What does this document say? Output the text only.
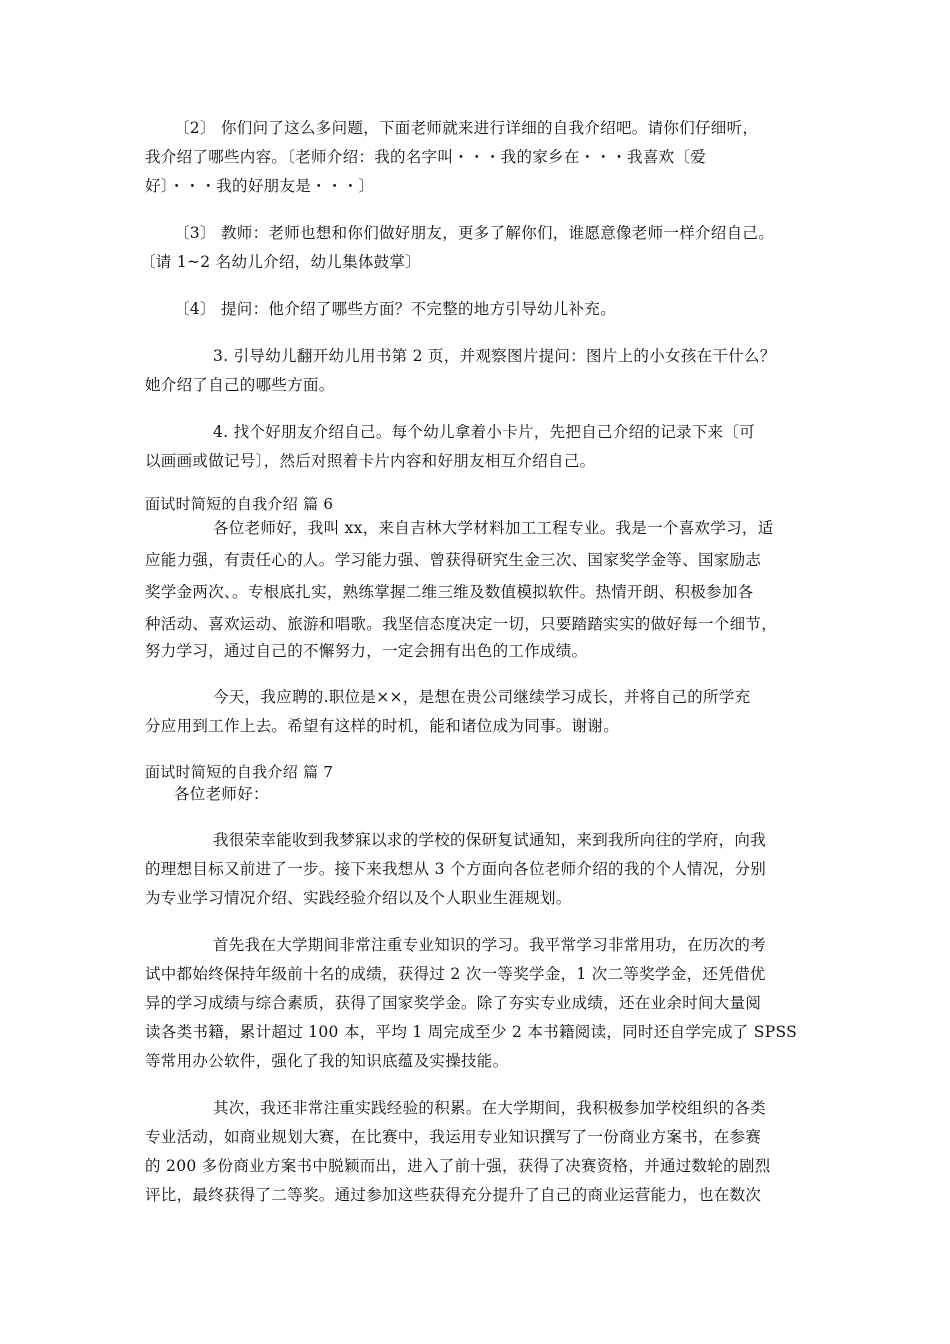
〔2〕 你们问了这么多问题，下面老师就来进行详细的自我介绍吧。请你们仔细听，
我介绍了哪些内容。〔老师介绍：我的名字叫・・・我的家乡在・・・我喜欢〔爱
好〕・・・我的好朋友是・・・〕
〔3〕 教师：老师也想和你们做好朋友，更多了解你们，谁愿意像老师一样介绍自己。
〔请 1~2 名幼儿介绍，幼儿集体鼓掌〕
〔4〕 提问：他介绍了哪些方面？不完整的地方引导幼儿补充。
3. 引导幼儿翻开幼儿用书第 2 页，并观察图片提问：图片上的小女孩在干什么？
她介绍了自己的哪些方面。
4. 找个好朋友介绍自己。每个幼儿拿着小卡片，先把自己介绍的记录下来〔可
以画画或做记号〕，然后对照着卡片内容和好朋友相互介绍自己。
面试时简短的自我介绍 篇 6
各位老师好，我叫 xx，来自吉林大学材料加工工程专业。我是一个喜欢学习，适
应能力强，有责任心的人。学习能力强、曾获得研究生金三次、国家奖学金等、国家励志
奖学金两次、。专根底扎实，熟练掌握二维三维及数值模拟软件。热情开朗、积极参加各
种活动、喜欢运动、旅游和唱歌。我坚信态度决定一切，只要踏踏实实的做好每一个细节，
努力学习，通过自己的不懈努力，一定会拥有出色的工作成绩。
今天，我应聘的.职位是××，是想在贵公司继续学习成长，并将自己的所学充
分应用到工作上去。希望有这样的时机，能和诸位成为同事。谢谢。
面试时简短的自我介绍 篇 7
各位老师好：
我很荣幸能收到我梦寐以求的学校的保研复试通知，来到我所向往的学府，向我
的理想目标又前进了一步。接下来我想从 3 个方面向各位老师介绍的我的个人情况，分别
为专业学习情况介绍、实践经验介绍以及个人职业生涯规划。
首先我在大学期间非常注重专业知识的学习。我平常学习非常用功，在历次的考
试中都始终保持年级前十名的成绩，获得过 2 次一等奖学金，1 次二等奖学金，还凭借优
异的学习成绩与综合素质，获得了国家奖学金。除了夯实专业成绩，还在业余时间大量阅
读各类书籍，累计超过 100 本，平均 1 周完成至少 2 本书籍阅读，同时还自学完成了 SPSS
等常用办公软件，强化了我的知识底蕴及实操技能。
其次，我还非常注重实践经验的积累。在大学期间，我积极参加学校组织的各类
专业活动，如商业规划大赛，在比赛中，我运用专业知识撰写了一份商业方案书，在参赛
的 200 多份商业方案书中脱颖而出，进入了前十强，获得了决赛资格，并通过数轮的剧烈
评比，最终获得了二等奖。通过参加这些获得充分提升了自己的商业运营能力，也在数次
